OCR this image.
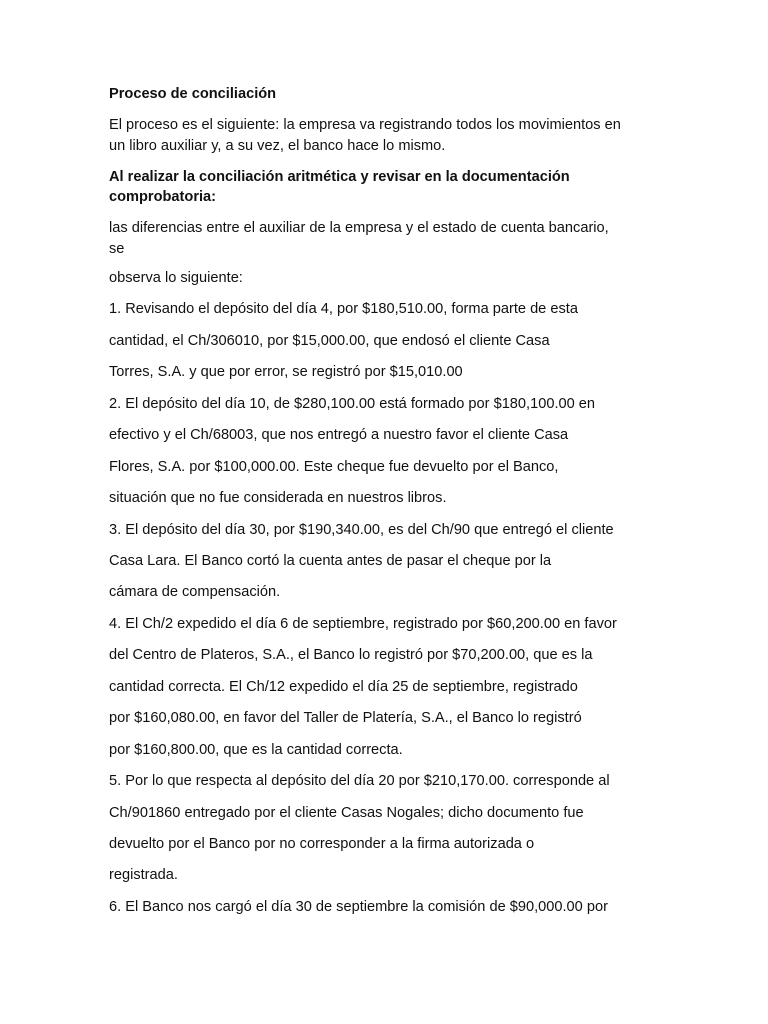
Proceso de conciliación

El proceso es el siguiente: la empresa va registrando todos los movimientos en

un libro auxiliar y, a su vez, el banco hace lo mismo.

Al realizar la conciliación aritmética y revisar en la documentación

comprobatoria:

las diferencias entre el auxiliar de la empresa y el estado de cuenta bancario,

se

observa lo siguiente:

1. Revisando el depósito del día 4, por $180,510.00, forma parte de esta

cantidad, el Ch/306010, por $15,000.00, que endosó el cliente Casa

Torres, S.A. y que por error, se registró por $15,010.00

2. El depósito del día 10, de $280,100.00 está formado por $180,100.00 en

efectivo y el Ch/68003, que nos entregó a nuestro favor el cliente Casa

Flores, S.A. por $100,000.00. Este cheque fue devuelto por el Banco,

situación que no fue considerada en nuestros libros.

3. El depósito del día 30, por $190,340.00, es del Ch/90 que entregó el cliente

Casa Lara. El Banco cortó la cuenta antes de pasar el cheque por la

cámara de compensación.

4. El Ch/2 expedido el día 6 de septiembre, registrado por $60,200.00 en favor

del Centro de Plateros, S.A., el Banco lo registró por $70,200.00, que es la

cantidad correcta. El Ch/12 expedido el día 25 de septiembre, registrado

por $160,080.00, en favor del Taller de Platería, S.A., el Banco lo registró

por $160,800.00, que es la cantidad correcta.

5. Por lo que respecta al depósito del día 20 por $210,170.00. corresponde al

Ch/901860 entregado por el cliente Casas Nogales; dicho documento fue

devuelto por el Banco por no corresponder a la firma autorizada o

registrada.

6. El Banco nos cargó el día 30 de septiembre la comisión de $90,000.00 por
